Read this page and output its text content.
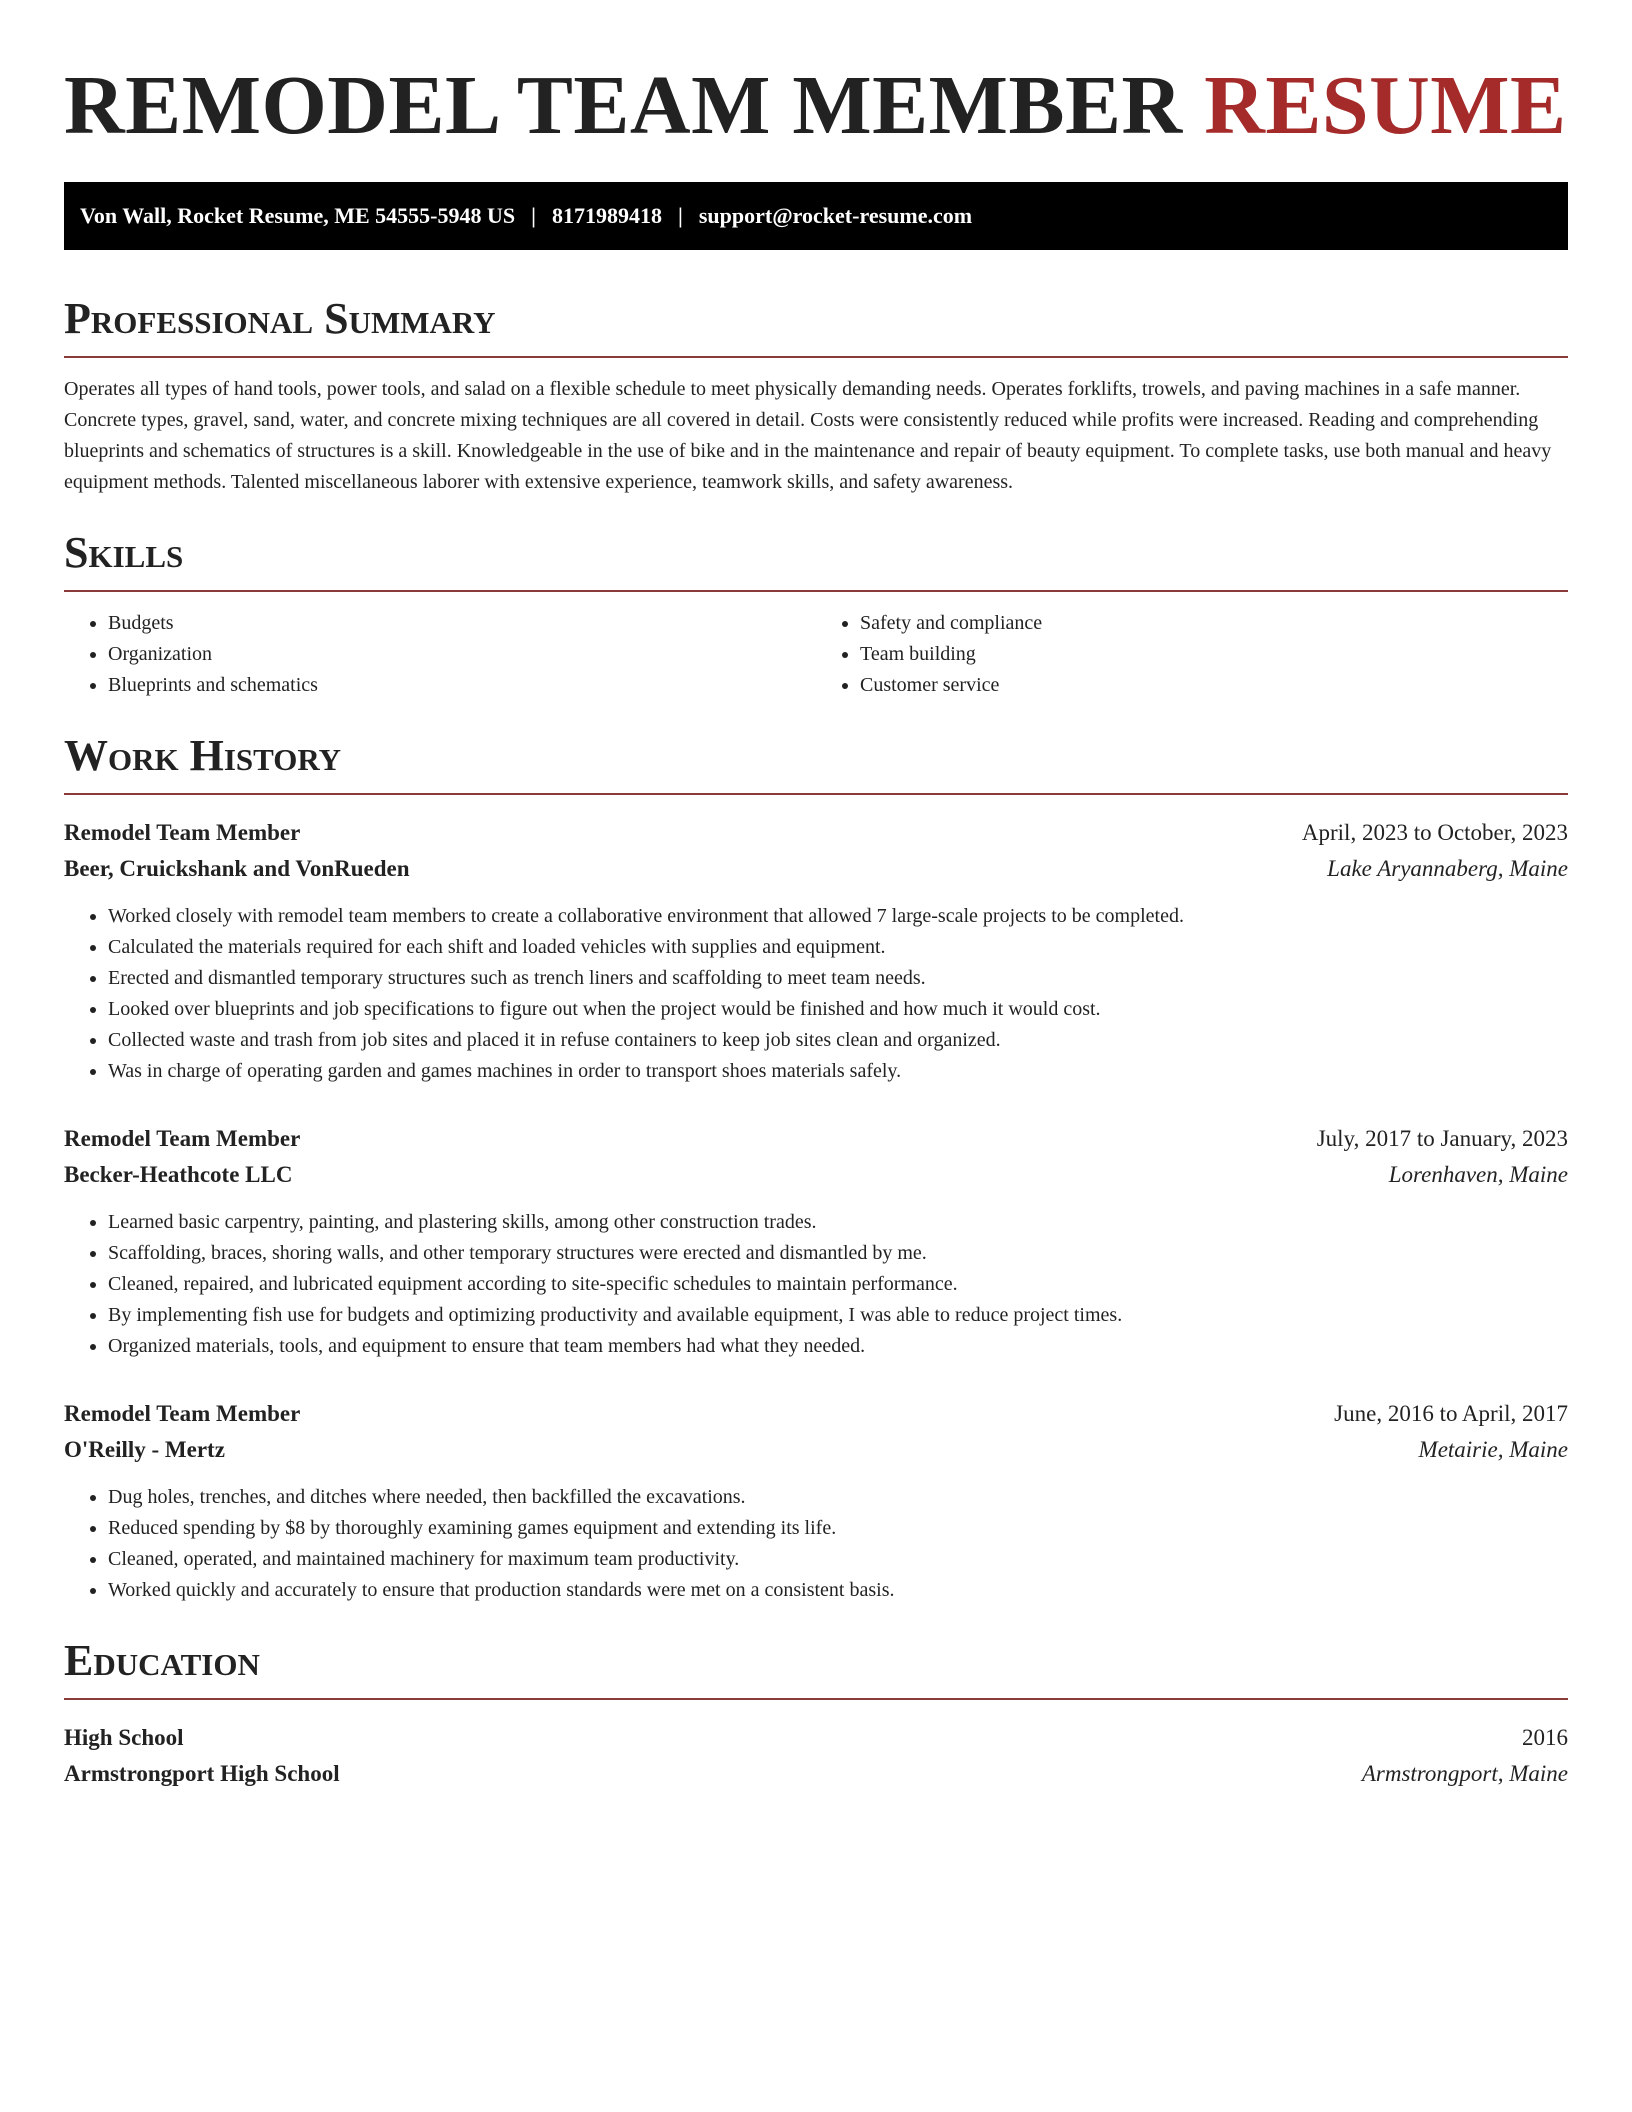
REMODEL TEAM MEMBER RESUME
Von Wall, Rocket Resume, ME 54555-5948 US | 8171989418 | support@rocket-resume.com
Professional Summary

Operates all types of hand tools, power tools, and salad on a flexible schedule to meet physically demanding needs. Operates forklifts, trowels, and paving machines in a safe manner. Concrete types, gravel, sand, water, and concrete mixing techniques are all covered in detail. Costs were consistently reduced while profits were increased. Reading and comprehending blueprints and schematics of structures is a skill. Knowledgeable in the use of bike and in the maintenance and repair of beauty equipment. To complete tasks, use both manual and heavy equipment methods. Talented miscellaneous laborer with extensive experience, teamwork skills, and safety awareness.

Skills
• Budgets
• Organization
• Blueprints and schematics
• Safety and compliance
• Team building
• Customer service
Work History
Remodel Team Member	April, 2023 to October, 2023
Beer, Cruickshank and VonRueden	Lake Aryannaberg, Maine
• Worked closely with remodel team members to create a collaborative environment that allowed 7 large-scale projects to be completed.
• Calculated the materials required for each shift and loaded vehicles with supplies and equipment.
• Erected and dismantled temporary structures such as trench liners and scaffolding to meet team needs.
• Looked over blueprints and job specifications to figure out when the project would be finished and how much it would cost.
• Collected waste and trash from job sites and placed it in refuse containers to keep job sites clean and organized.
• Was in charge of operating garden and games machines in order to transport shoes materials safely.
Remodel Team Member	July, 2017 to January, 2023
Becker-Heathcote LLC	Lorenhaven, Maine
• Learned basic carpentry, painting, and plastering skills, among other construction trades.
• Scaffolding, braces, shoring walls, and other temporary structures were erected and dismantled by me.
• Cleaned, repaired, and lubricated equipment according to site-specific schedules to maintain performance.
• By implementing fish use for budgets and optimizing productivity and available equipment, I was able to reduce project times.
• Organized materials, tools, and equipment to ensure that team members had what they needed.
Remodel Team Member	June, 2016 to April, 2017
O'Reilly - Mertz	Metairie, Maine
• Dug holes, trenches, and ditches where needed, then backfilled the excavations.
• Reduced spending by $8 by thoroughly examining games equipment and extending its life.
• Cleaned, operated, and maintained machinery for maximum team productivity.
• Worked quickly and accurately to ensure that production standards were met on a consistent basis.
Education
High School	2016
Armstrongport High School	Armstrongport, Maine
